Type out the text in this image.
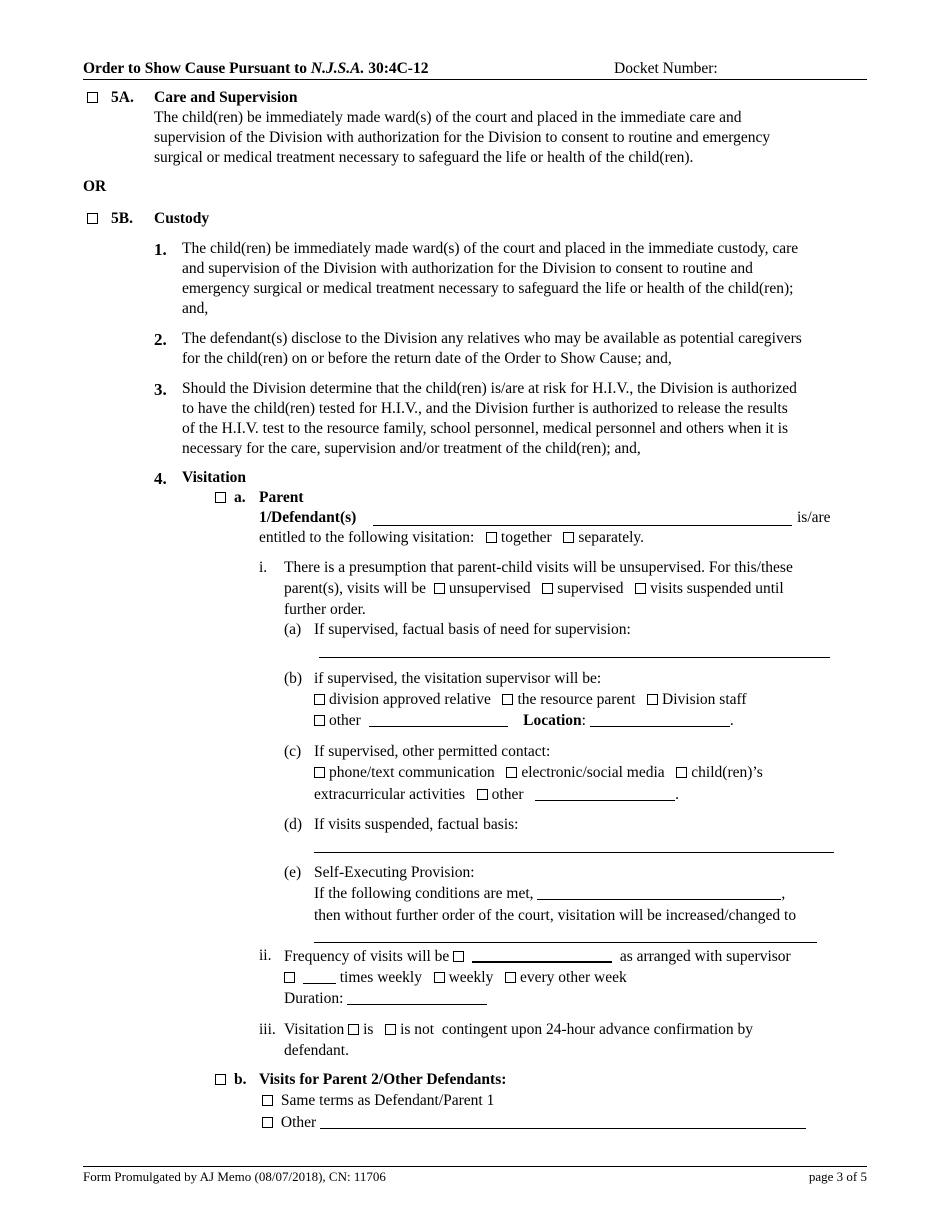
Order to Show Cause Pursuant to N.J.S.A. 30:4C-12	Docket Number:
5A. Care and Supervision
The child(ren) be immediately made ward(s) of the court and placed in the immediate care and
supervision of the Division with authorization for the Division to consent to routine and emergency
surgical or medical treatment necessary to safeguard the life or health of the child(ren).
OR
5B. Custody
1. The child(ren) be immediately made ward(s) of the court and placed in the immediate custody, care
and supervision of the Division with authorization for the Division to consent to routine and
emergency surgical or medical treatment necessary to safeguard the life or health of the child(ren);
and,
2. The defendant(s) disclose to the Division any relatives who may be available as potential caregivers
for the child(ren) on or before the return date of the Order to Show Cause; and,
3. Should the Division determine that the child(ren) is/are at risk for H.I.V., the Division is authorized
to have the child(ren) tested for H.I.V., and the Division further is authorized to release the results
of the H.I.V. test to the resource family, school personnel, medical personnel and others when it is
necessary for the care, supervision and/or treatment of the child(ren); and,
4. Visitation
a. Parent
1/Defendant(s)	is/are
entitled to the following visitation: together separately.
i. There is a presumption that parent-child visits will be unsupervised. For this/these
parent(s), visits will be unsupervised supervised visits suspended until
further order.
(a) If supervised, factual basis of need for supervision:
(b) if supervised, the visitation supervisor will be:
division approved relative the resource parent Division staff
other	Location:	.
(c) If supervised, other permitted contact:
phone/text communication electronic/social media child(ren)’s
extracurricular activities other	.
(d) If visits suspended, factual basis:
(e) Self-Executing Provision:
If the following conditions are met,	,
then without further order of the court, visitation will be increased/changed to
ii. Frequency of visits will be	as arranged with supervisor
times weekly weekly every other week
Duration:
iii. Visitation is is not  contingent upon 24-hour advance confirmation by
defendant.
b. Visits for Parent 2/Other Defendants:
Same terms as Defendant/Parent 1
Other
Form Promulgated by AJ Memo (08/07/2018), CN: 11706	page 3 of 5
